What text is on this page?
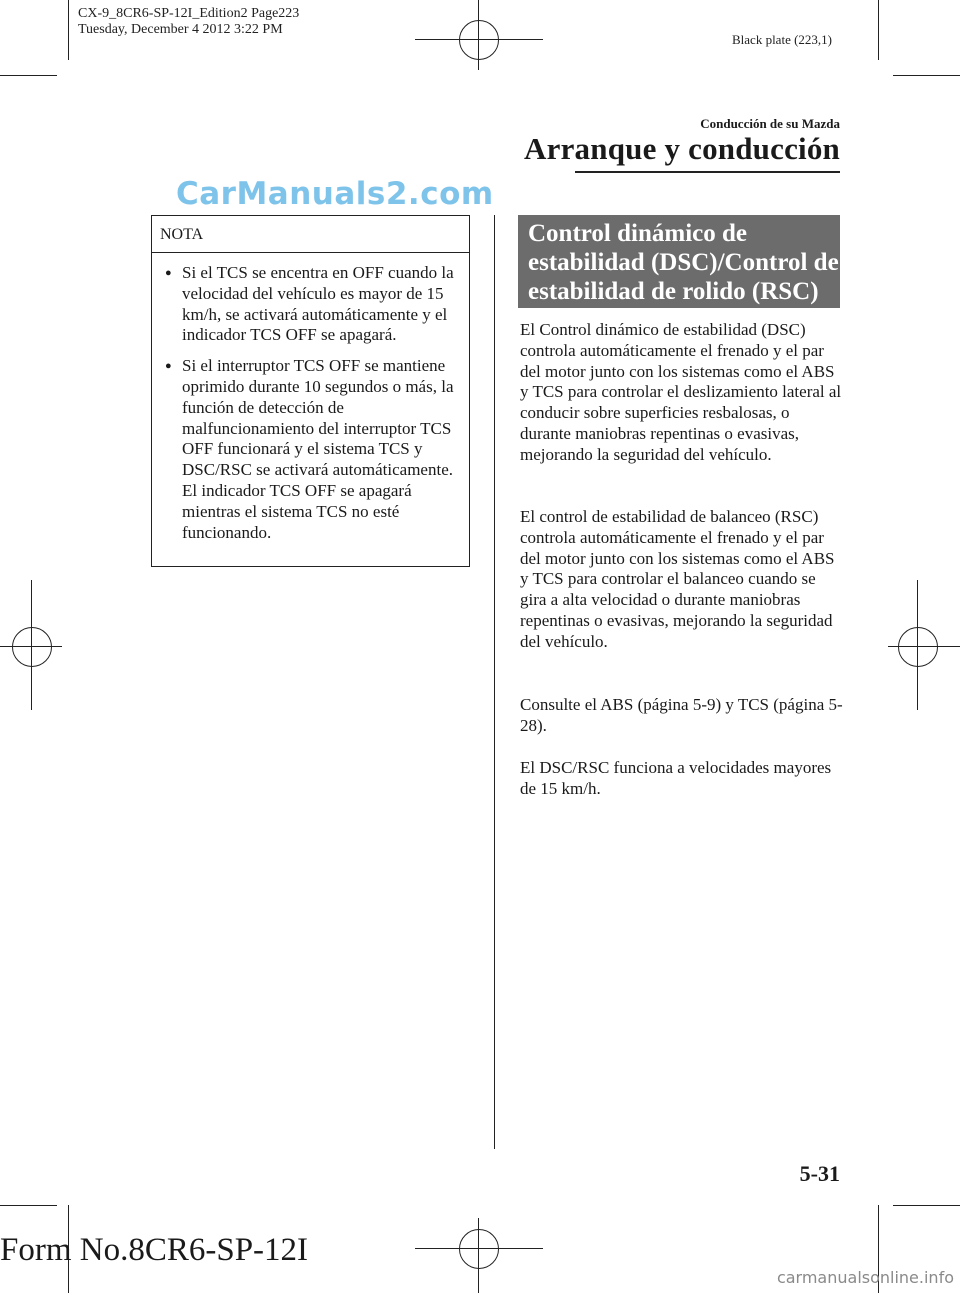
CX-9_8CR6-SP-12I_Edition2 Page223
Tuesday, December 4 2012 3:22 PM
Black plate (223,1)
Conducción de su Mazda
Arranque y conducción
CarManuals2.com
NOTA
● Si el TCS se encentra en OFF cuando la velocidad del vehículo es mayor de 15 km/h, se activará automáticamente y el indicador TCS OFF se apagará.
● Si el interruptor TCS OFF se mantiene oprimido durante 10 segundos o más, la función de detección de malfuncionamiento del interruptor TCS OFF funcionará y el sistema TCS y DSC/RSC se activará automáticamente. El indicador TCS OFF se apagará mientras el sistema TCS no esté funcionando.
Control dinámico de estabilidad (DSC)/Control de estabilidad de rolido (RSC)
El Control dinámico de estabilidad (DSC) controla automáticamente el frenado y el par del motor junto con los sistemas como el ABS y TCS para controlar el deslizamiento lateral al conducir sobre superficies resbalosas, o durante maniobras repentinas o evasivas, mejorando la seguridad del vehículo.
El control de estabilidad de balanceo (RSC) controla automáticamente el frenado y el par del motor junto con los sistemas como el ABS y TCS para controlar el balanceo cuando se gira a alta velocidad o durante maniobras repentinas o evasivas, mejorando la seguridad del vehículo.
Consulte el ABS (página 5-9) y TCS (página 5-28).
El DSC/RSC funciona a velocidades mayores de 15 km/h.
5-31
Form No.8CR6-SP-12I
carmanualsonline.info
